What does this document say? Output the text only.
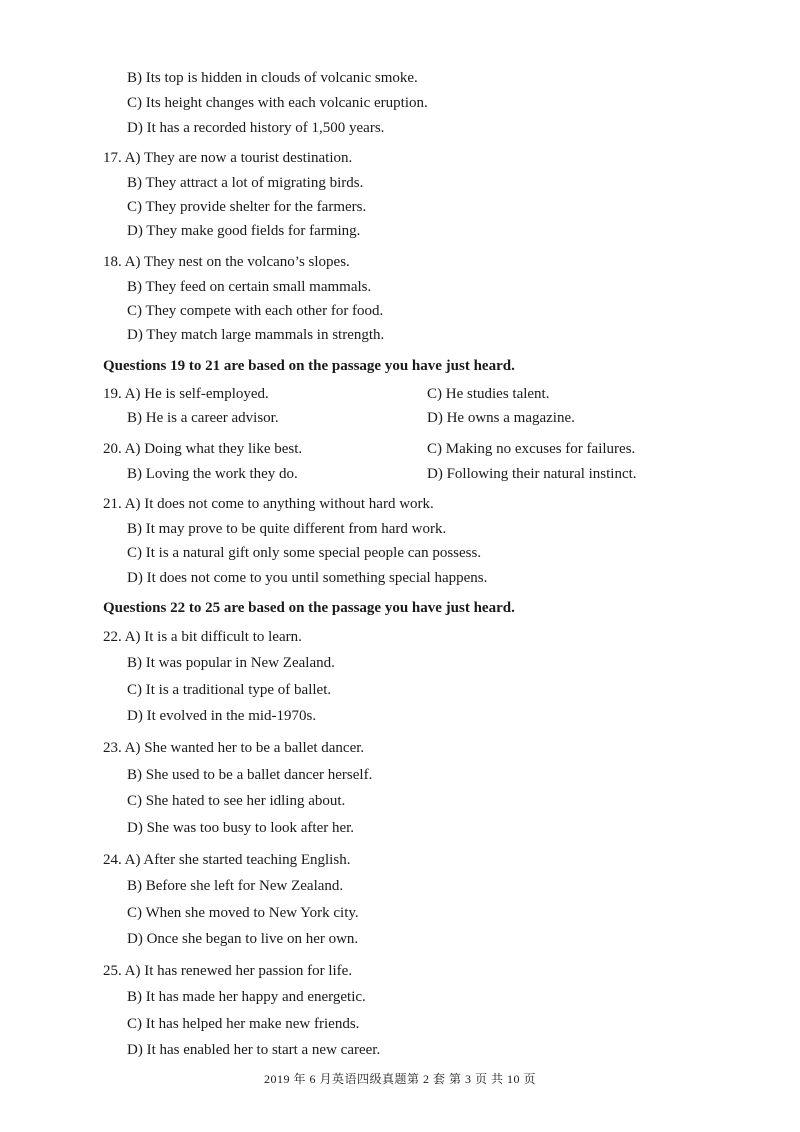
B) Its top is hidden in clouds of volcanic smoke.
C) Its height changes with each volcanic eruption.
D) It has a recorded history of 1,500 years.
17. A) They are now a tourist destination.
B) They attract a lot of migrating birds.
C) They provide shelter for the farmers.
D) They make good fields for farming.
18. A) They nest on the volcano’s slopes.
B) They feed on certain small mammals.
C) They compete with each other for food.
D) They match large mammals in strength.
Questions 19 to 21 are based on the passage you have just heard.
19. A) He is self-employed.	C) He studies talent.
B) He is a career advisor.	D) He owns a magazine.
20. A) Doing what they like best.	C) Making no excuses for failures.
B) Loving the work they do.	D) Following their natural instinct.
21. A) It does not come to anything without hard work.
B) It may prove to be quite different from hard work.
C) It is a natural gift only some special people can possess.
D) It does not come to you until something special happens.
Questions 22 to 25 are based on the passage you have just heard.
22. A) It is a bit difficult to learn.
B) It was popular in New Zealand.
C) It is a traditional type of ballet.
D) It evolved in the mid-1970s.
23. A) She wanted her to be a ballet dancer.
B) She used to be a ballet dancer herself.
C) She hated to see her idling about.
D) She was too busy to look after her.
24. A) After she started teaching English.
B) Before she left for New Zealand.
C) When she moved to New York city.
D) Once she began to live on her own.
25. A) It has renewed her passion for life.
B) It has made her happy and energetic.
C) It has helped her make new friends.
D) It has enabled her to start a new career.
2019 年 6 月英语四级真题第 2 套 第 3 页 共 10 页
